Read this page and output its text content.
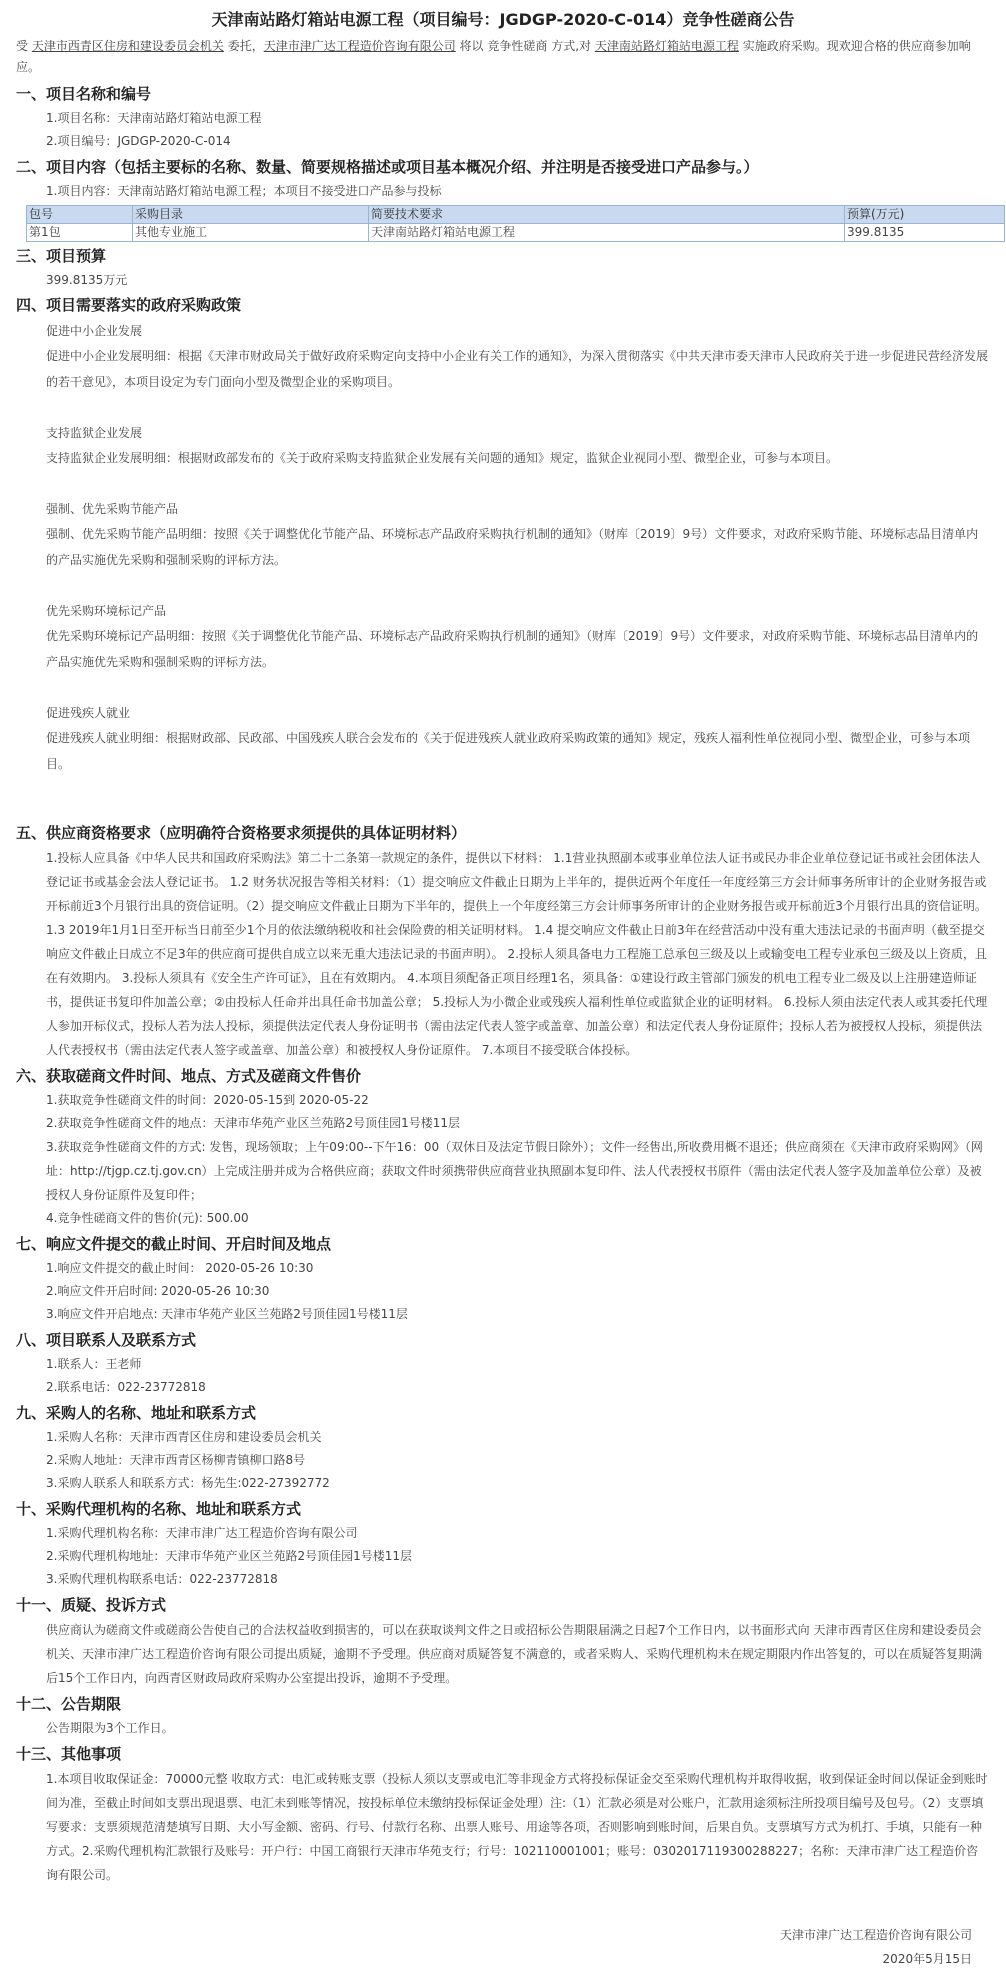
天津南站路灯箱站电源工程（项目编号：JGDGP-2020-C-014）竞争性磋商公告
受 天津市西青区住房和建设委员会机关 委托，天津市津广达工程造价咨询有限公司 将以 竞争性磋商 方式,对 天津南站路灯箱站电源工程 实施政府采购。现欢迎合格的供应商参加响应。
一、项目名称和编号
1.项目名称：天津南站路灯箱站电源工程
2.项目编号：JGDGP-2020-C-014
二、项目内容（包括主要标的名称、数量、简要规格描述或项目基本概况介绍、并注明是否接受进口产品参与。）
1.项目内容：天津南站路灯箱站电源工程；本项目不接受进口产品参与投标
包号	采购目录	简要技术要求	预算(万元)
第1包	其他专业施工	天津南站路灯箱站电源工程	399.8135
三、项目预算
399.8135万元
四、项目需要落实的政府采购政策
促进中小企业发展
促进中小企业发展明细：根据《天津市财政局关于做好政府采购定向支持中小企业有关工作的通知》，为深入贯彻落实《中共天津市委天津市人民政府关于进一步促进民营经济发展的若干意见》，本项目设定为专门面向小型及微型企业的采购项目。
支持监狱企业发展
支持监狱企业发展明细：根据财政部发布的《关于政府采购支持监狱企业发展有关问题的通知》规定，监狱企业视同小型、微型企业，可参与本项目。
强制、优先采购节能产品
强制、优先采购节能产品明细：按照《关于调整优化节能产品、环境标志产品政府采购执行机制的通知》（财库〔2019〕9号）文件要求，对政府采购节能、环境标志品目清单内的产品实施优先采购和强制采购的评标方法。
优先采购环境标记产品
优先采购环境标记产品明细：按照《关于调整优化节能产品、环境标志产品政府采购执行机制的通知》（财库〔2019〕9号）文件要求，对政府采购节能、环境标志品目清单内的产品实施优先采购和强制采购的评标方法。
促进残疾人就业
促进残疾人就业明细：根据财政部、民政部、中国残疾人联合会发布的《关于促进残疾人就业政府采购政策的通知》规定，残疾人福利性单位视同小型、微型企业，可参与本项目。
五、供应商资格要求（应明确符合资格要求须提供的具体证明材料）
1.投标人应具备《中华人民共和国政府采购法》第二十二条第一款规定的条件，提供以下材料： 1.1营业执照副本或事业单位法人证书或民办非企业单位登记证书或社会团体法人登记证书或基金会法人登记证书。 1.2 财务状况报告等相关材料：（1）提交响应文件截止日期为上半年的，提供近两个年度任一年度经第三方会计师事务所审计的企业财务报告或开标前近3个月银行出具的资信证明。（2）提交响应文件截止日期为下半年的，提供上一个年度经第三方会计师事务所审计的企业财务报告或开标前近3个月银行出具的资信证明。 1.3 2019年1月1日至开标当日前至少1个月的依法缴纳税收和社会保险费的相关证明材料。 1.4 提交响应文件截止日前3年在经营活动中没有重大违法记录的书面声明（截至提交响应文件截止日成立不足3年的供应商可提供自成立以来无重大违法记录的书面声明）。 2.投标人须具备电力工程施工总承包三级及以上或输变电工程专业承包三级及以上资质，且在有效期内。 3.投标人须具有《安全生产许可证》，且在有效期内。 4.本项目须配备正项目经理1名，须具备：①建设行政主管部门颁发的机电工程专业二级及以上注册建造师证书，提供证书复印件加盖公章；②由投标人任命并出具任命书加盖公章； 5.投标人为小微企业或残疾人福利性单位或监狱企业的证明材料。 6.投标人须由法定代表人或其委托代理人参加开标仪式，投标人若为法人投标，须提供法定代表人身份证明书（需由法定代表人签字或盖章、加盖公章）和法定代表人身份证原件；投标人若为被授权人投标，须提供法人代表授权书（需由法定代表人签字或盖章、加盖公章）和被授权人身份证原件。 7.本项目不接受联合体投标。
六、获取磋商文件时间、地点、方式及磋商文件售价
1.获取竞争性磋商文件的时间：2020-05-15到 2020-05-22
2.获取竞争性磋商文件的地点：天津市华苑产业区兰苑路2号顶佳园1号楼11层
3.获取竞争性磋商文件的方式: 发售，现场领取；上午09:00--下午16：00（双休日及法定节假日除外）；文件一经售出,所收费用概不退还；供应商须在《天津市政府采购网》（网址：http://tjgp.cz.tj.gov.cn）上完成注册并成为合格供应商；获取文件时须携带供应商营业执照副本复印件、法人代表授权书原件（需由法定代表人签字及加盖单位公章）及被授权人身份证原件及复印件；
4.竞争性磋商文件的售价(元): 500.00
七、响应文件提交的截止时间、开启时间及地点
1.响应文件提交的截止时间： 2020-05-26 10:30
2.响应文件开启时间: 2020-05-26 10:30
3.响应文件开启地点: 天津市华苑产业区兰苑路2号顶佳园1号楼11层
八、项目联系人及联系方式
1.联系人：王老师
2.联系电话：022-23772818
九、采购人的名称、地址和联系方式
1.采购人名称：天津市西青区住房和建设委员会机关
2.采购人地址：天津市西青区杨柳青镇柳口路8号
3.采购人联系人和联系方式：杨先生:022-27392772
十、采购代理机构的名称、地址和联系方式
1.采购代理机构名称：天津市津广达工程造价咨询有限公司
2.采购代理机构地址：天津市华苑产业区兰苑路2号顶佳园1号楼11层
3.采购代理机构联系电话：022-23772818
十一、质疑、投诉方式
供应商认为磋商文件或磋商公告使自己的合法权益收到损害的，可以在获取谈判文件之日或招标公告期限届满之日起7个工作日内，以书面形式向 天津市西青区住房和建设委员会机关、天津市津广达工程造价咨询有限公司提出质疑，逾期不予受理。供应商对质疑答复不满意的，或者采购人、采购代理机构未在规定期限内作出答复的，可以在质疑答复期满后15个工作日内，向西青区财政局政府采购办公室提出投诉，逾期不予受理。
十二、公告期限
公告期限为3个工作日。
十三、其他事项
1.本项目收取保证金：70000元整 收取方式：电汇或转账支票（投标人须以支票或电汇等非现金方式将投标保证金交至采购代理机构并取得收据，收到保证金时间以保证金到账时间为准，至截止时间如支票出现退票、电汇未到账等情况，按投标单位未缴纳投标保证金处理）注:（1）汇款必须是对公账户，汇款用途须标注所投项目编号及包号。（2）支票填写要求：支票须规范清楚填写日期、大小写金额、密码、行号、付款行名称、出票人账号、用途等各项，否则影响到账时间，后果自负。支票填写方式为机打、手填，只能有一种方式。2.采购代理机构汇款银行及账号：开户行：中国工商银行天津市华苑支行；行号：102110001001；账号：0302017119300288227；名称：天津市津广达工程造价咨询有限公司。
天津市津广达工程造价咨询有限公司
2020年5月15日
